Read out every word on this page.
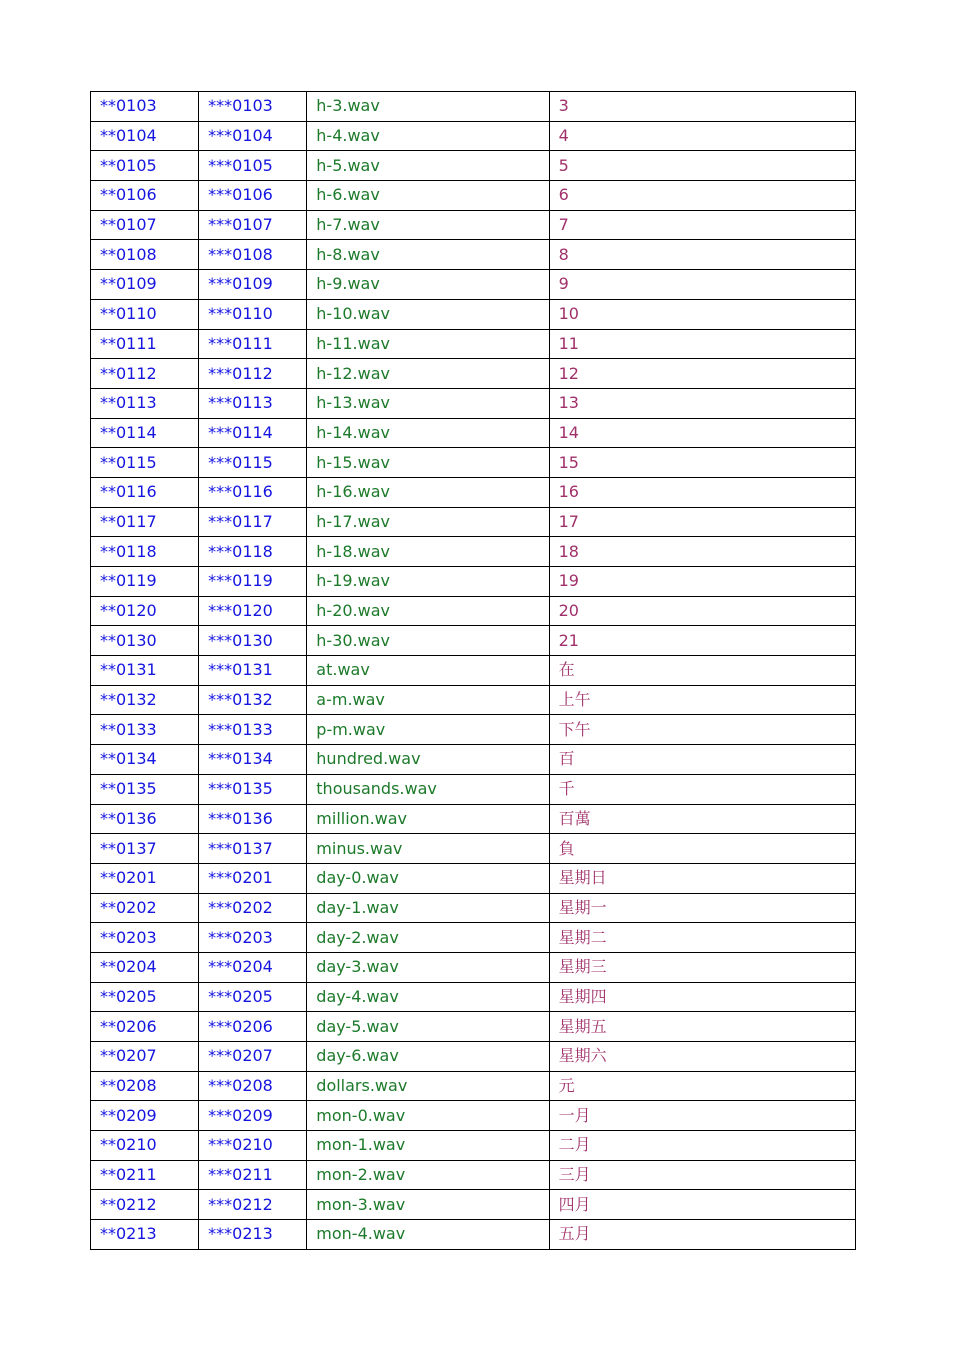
**0103	***0103	h-3.wav	3
**0104	***0104	h-4.wav	4
**0105	***0105	h-5.wav	5
**0106	***0106	h-6.wav	6
**0107	***0107	h-7.wav	7
**0108	***0108	h-8.wav	8
**0109	***0109	h-9.wav	9
**0110	***0110	h-10.wav	10
**0111	***0111	h-11.wav	11
**0112	***0112	h-12.wav	12
**0113	***0113	h-13.wav	13
**0114	***0114	h-14.wav	14
**0115	***0115	h-15.wav	15
**0116	***0116	h-16.wav	16
**0117	***0117	h-17.wav	17
**0118	***0118	h-18.wav	18
**0119	***0119	h-19.wav	19
**0120	***0120	h-20.wav	20
**0130	***0130	h-30.wav	21
**0131	***0131	at.wav	在
**0132	***0132	a-m.wav	上午
**0133	***0133	p-m.wav	下午
**0134	***0134	hundred.wav	百
**0135	***0135	thousands.wav	千
**0136	***0136	million.wav	百萬
**0137	***0137	minus.wav	負
**0201	***0201	day-0.wav	星期日
**0202	***0202	day-1.wav	星期一
**0203	***0203	day-2.wav	星期二
**0204	***0204	day-3.wav	星期三
**0205	***0205	day-4.wav	星期四
**0206	***0206	day-5.wav	星期五
**0207	***0207	day-6.wav	星期六
**0208	***0208	dollars.wav	元
**0209	***0209	mon-0.wav	一月
**0210	***0210	mon-1.wav	二月
**0211	***0211	mon-2.wav	三月
**0212	***0212	mon-3.wav	四月
**0213	***0213	mon-4.wav	五月
